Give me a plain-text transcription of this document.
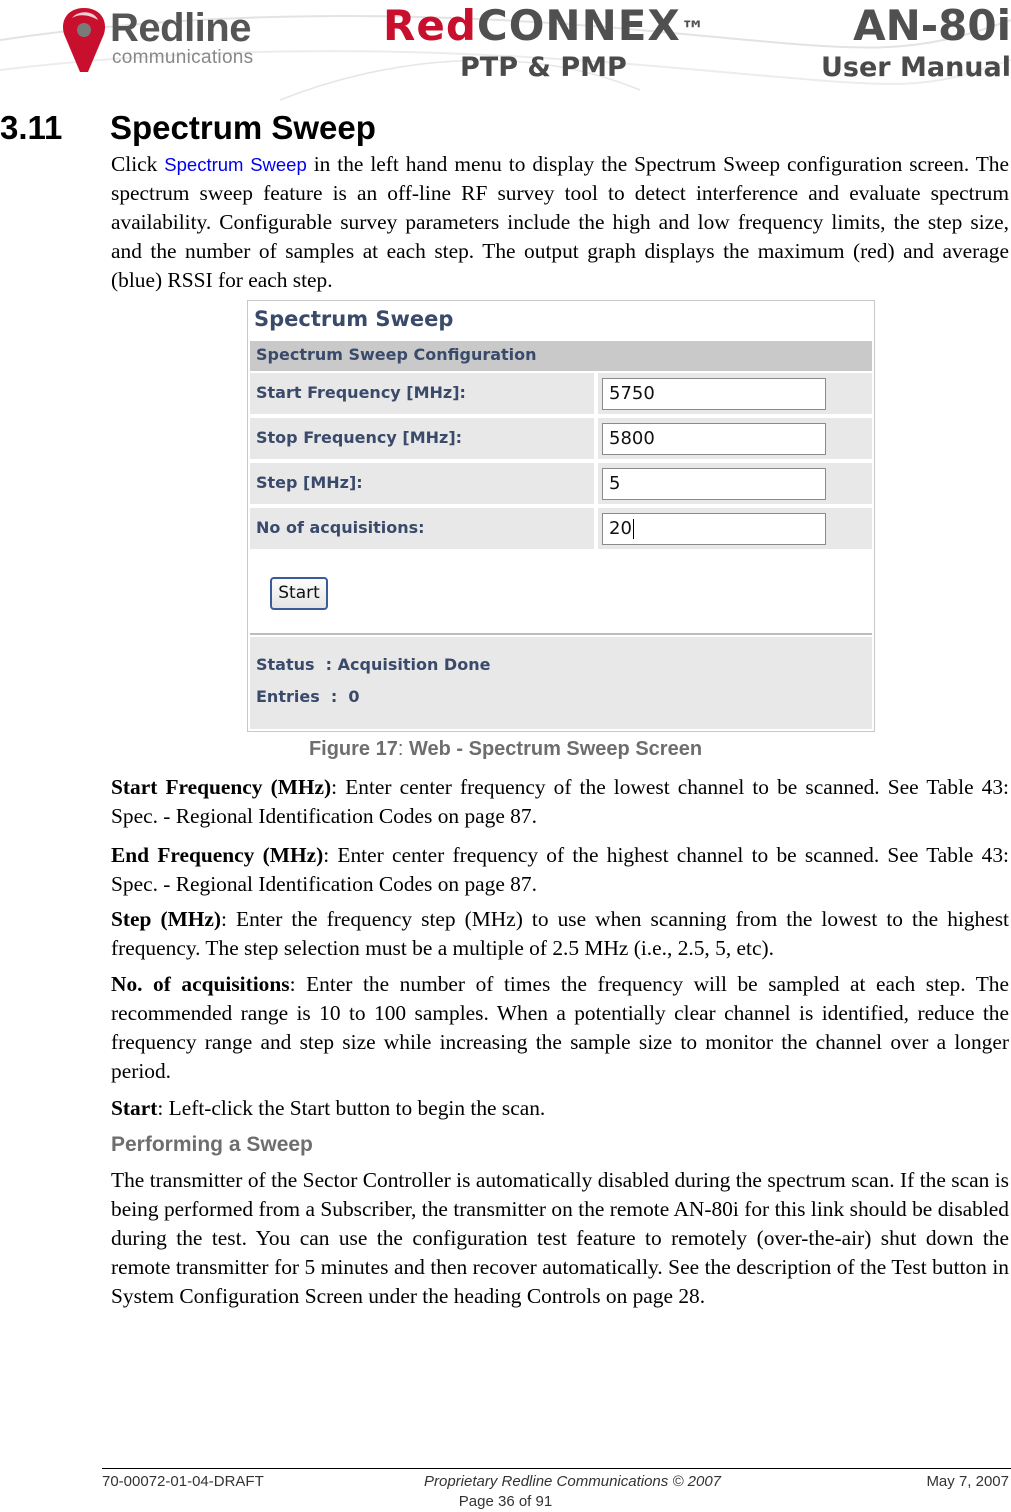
Redline
communications
RedCONNEX™
PTP & PMP
AN-80i
User Manual
3.11 Spectrum Sweep

Click Spectrum Sweep in the left hand menu to display the Spectrum Sweep configuration screen. The spectrum sweep feature is an off-line RF survey tool to detect interference and evaluate spectrum availability. Configurable survey parameters include the high and low frequency limits, the step size, and the number of samples at each step. The output graph displays the maximum (red) and average (blue) RSSI for each step.

Spectrum Sweep
Spectrum Sweep Configuration
Start Frequency [MHz]:	5750
Stop Frequency [MHz]:	5800
Step [MHz]:	5
No of acquisitions:	20
Start
Status  : Acquisition Done
Entries  :  0
Figure 17: Web - Spectrum Sweep Screen

Start Frequency (MHz): Enter center frequency of the lowest channel to be scanned. See Table 43: Spec. - Regional Identification Codes on page 87.

End Frequency (MHz): Enter center frequency of the highest channel to be scanned. See Table 43: Spec. - Regional Identification Codes on page 87.

Step (MHz): Enter the frequency step (MHz) to use when scanning from the lowest to the highest frequency. The step selection must be a multiple of 2.5 MHz (i.e., 2.5, 5, etc).

No. of acquisitions: Enter the number of times the frequency will be sampled at each step. The recommended range is 10 to 100 samples. When a potentially clear channel is identified, reduce the frequency range and step size while increasing the sample size to monitor the channel over a longer period.

Start: Left-click the Start button to begin the scan.

Performing a Sweep

The transmitter of the Sector Controller is automatically disabled during the spectrum scan. If the scan is being performed from a Subscriber, the transmitter on the remote AN-80i for this link should be disabled during the test. You can use the configuration test feature to remotely (over-the-air) shut down the remote transmitter for 5 minutes and then recover automatically. See the description of the Test button in System Configuration Screen under the heading Controls on page 28.

70-00072-01-04-DRAFT	Proprietary Redline Communications © 2007	May 7, 2007
Page 36 of 91
